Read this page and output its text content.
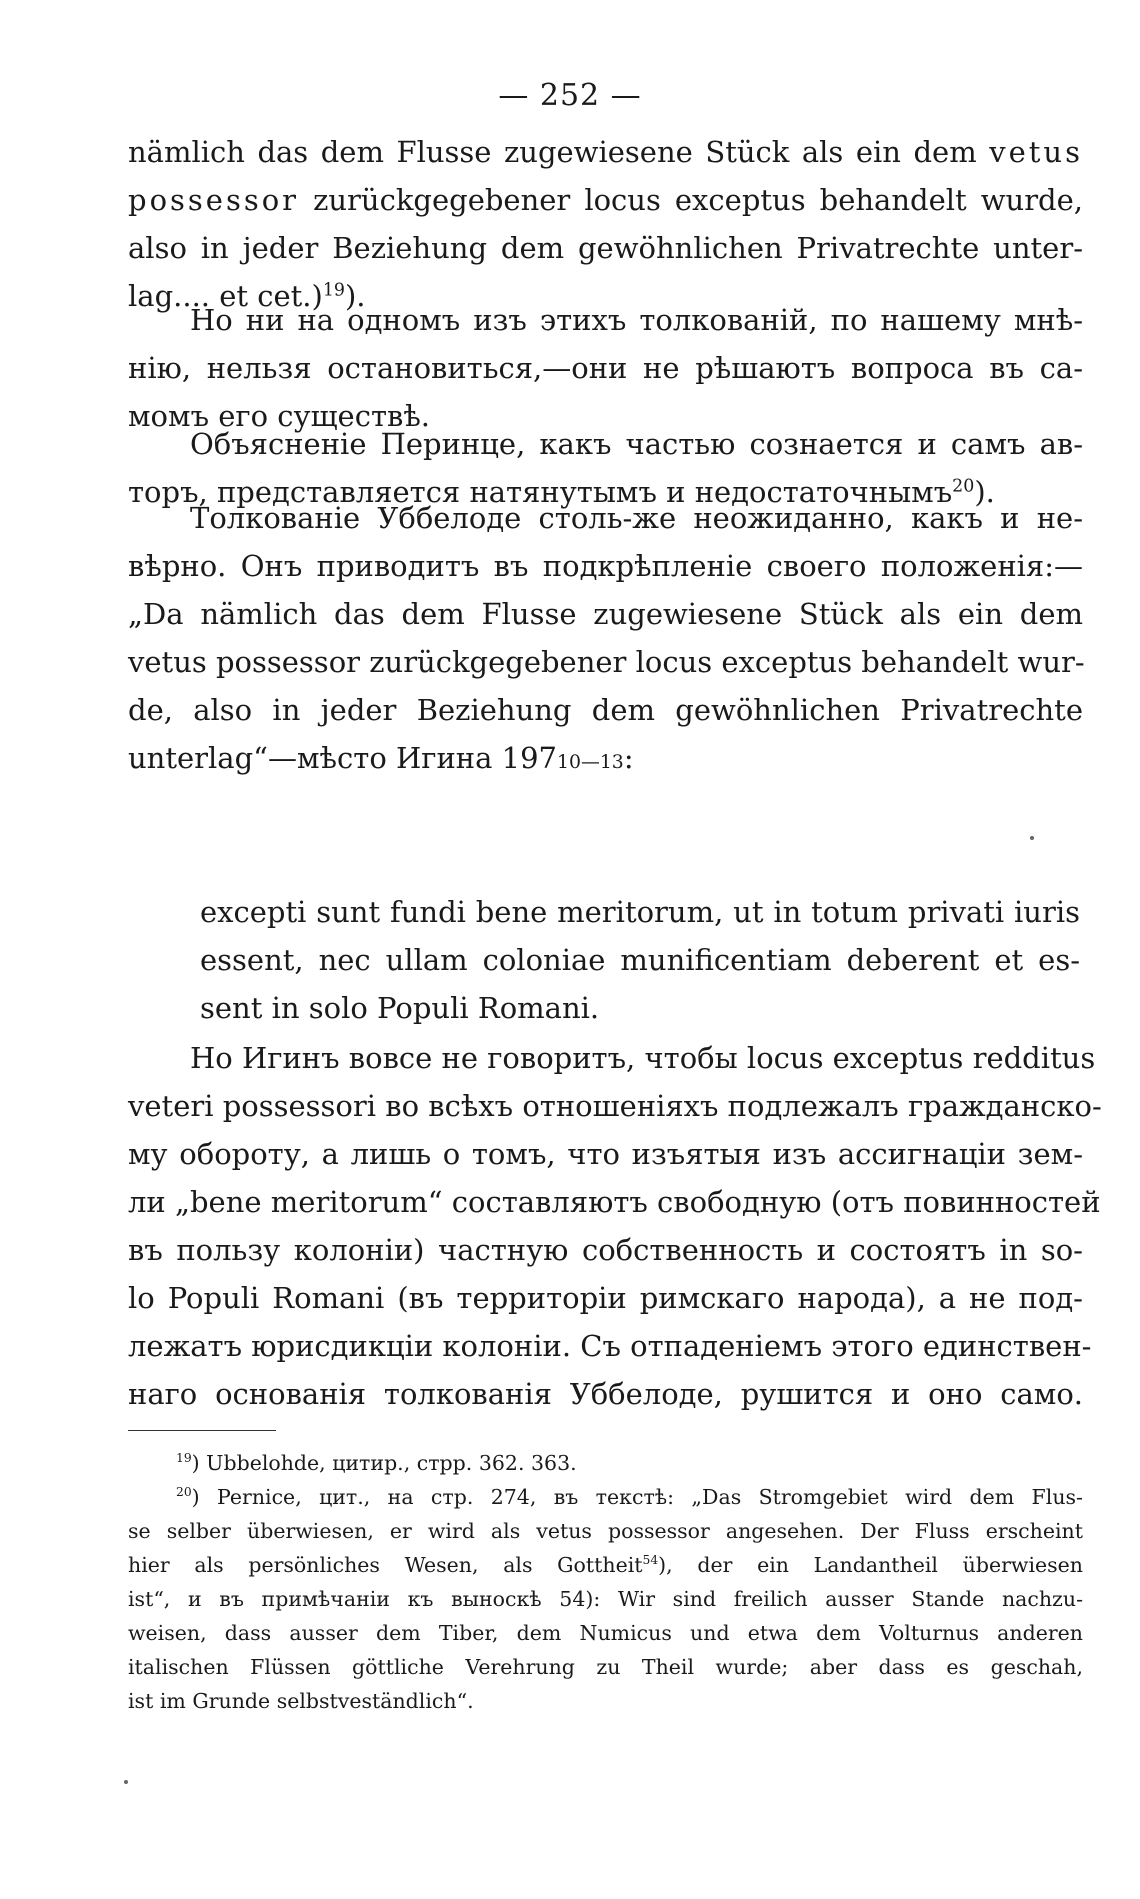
— 252 —
nämlich das dem Flusse zugewiesene Stück als ein dem vetus
possessor zurückgegebener locus exceptus behandelt wurde,
also in jeder Beziehung dem gewöhnlichen Privatrechte unter-
lag.... et cet.)$^{19}$).
Но ни на одномъ изъ этихъ толкованій, по нашему мнѣ-
нію, нельзя остановиться,—они не рѣшаютъ вопроса въ са-
момъ его существѣ.
Объясненіе Перинце, какъ частью сознается и самъ ав-
торъ, представляется натянутымъ и недостаточнымъ$^{20}$).
Толкованіе Уббелоде столь-же неожиданно, какъ и не-
вѣрно. Онъ приводитъ въ подкрѣпленіе своего положенія:—
„Da nämlich das dem Flusse zugewiesene Stück als ein dem
vetus possessor zurückgegebener locus exceptus behandelt wur-
de, also in jeder Beziehung dem gewöhnlichen Privatrechte
unterlag“—мѣсто Игина 19710—13:
excepti sunt fundi bene meritorum, ut in totum privati iuris
essent, nec ullam coloniae munificentiam deberent et es-
sent in solo Populi Romani.
Но Игинъ вовсе не говоритъ, чтобы locus exceptus redditus
veteri possessori во всѣхъ отношеніяхъ подлежалъ гражданско-
му обороту, а лишь о томъ, что изъятыя изъ ассигнаціи зем-
ли „bene meritorum“ составляютъ свободную (отъ повинностей
въ пользу колоніи) частную собственность и состоятъ in so-
lo Populi Romani (въ территоріи римскаго народа), а не под-
лежатъ юрисдикціи колоніи. Съ отпаденіемъ этого единствен-
наго основанія толкованія Уббелоде, рушится и оно само.
$^{19}$) Ubbelohde, цитир., стрр. 362. 363.
$^{20}$) Pernice, цит., на стр. 274, въ текстѣ: „Das Stromgebiet wird dem Flus-
se selber überwiesen, er wird als vetus possessor angesehen. Der Fluss erscheint
hier als persönliches Wesen, als Gottheit$^{54}$), der ein Landantheil überwiesen
ist“, и въ примѣчаніи къ выноскѣ 54): Wir sind freilich ausser Stande nachzu-
weisen, dass ausser dem Tiber, dem Numicus und etwa dem Volturnus anderen
italischen Flüssen göttliche Verehrung zu Theil wurde; aber dass es geschah,
ist im Grunde selbstveständlich“.
